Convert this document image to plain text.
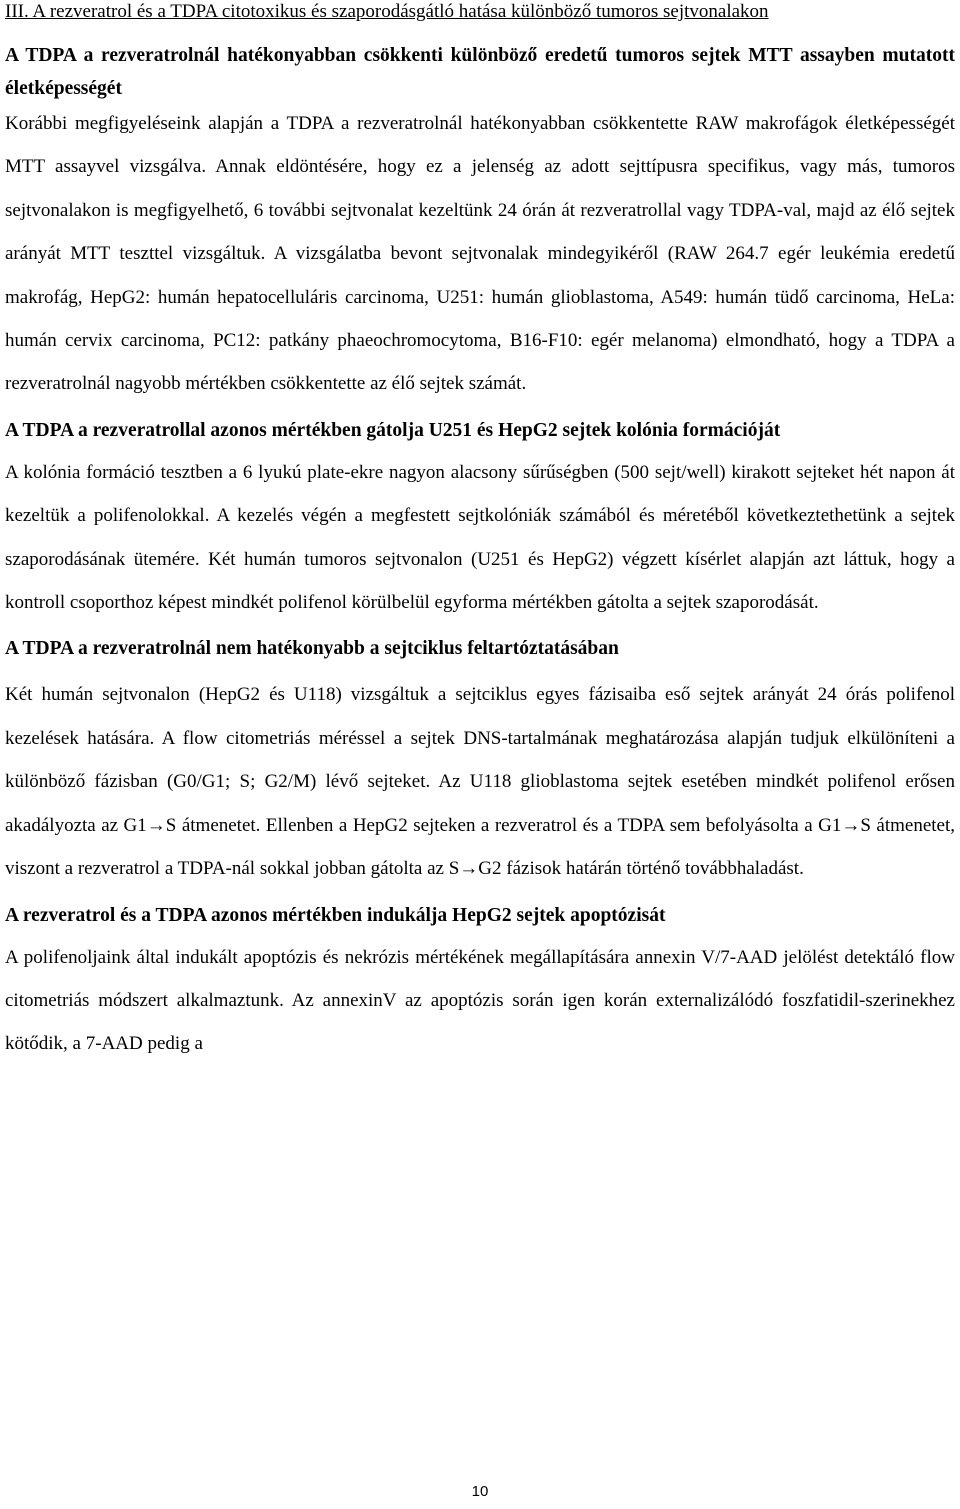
III. A rezveratrol és a TDPA citotoxikus és szaporodásgátló hatása különböző tumoros sejtvonalakon

A TDPA a rezveratrolnál hatékonyabban csökkenti különböző eredetű tumoros sejtek MTT assayben mutatott életképességét

Korábbi megfigyeléseink alapján a TDPA a rezveratrolnál hatékonyabban csökkentette RAW makrofágok életképességét MTT assayvel vizsgálva. Annak eldöntésére, hogy ez a jelenség az adott sejttípusra specifikus, vagy más, tumoros sejtvonalakon is megfigyelhető, 6 további sejtvonalat kezeltünk 24 órán át rezveratrollal vagy TDPA-val, majd az élő sejtek arányát MTT teszttel vizsgáltuk. A vizsgálatba bevont sejtvonalak mindegyikéről (RAW 264.7 egér leukémia eredetű makrofág, HepG2: humán hepatocelluláris carcinoma, U251: humán glioblastoma, A549: humán tüdő carcinoma, HeLa: humán cervix carcinoma, PC12: patkány phaeochromocytoma, B16-F10: egér melanoma) elmondható, hogy a TDPA a rezveratrolnál nagyobb mértékben csökkentette az élő sejtek számát.

A TDPA a rezveratrollal azonos mértékben gátolja U251 és HepG2 sejtek kolónia formációját

A kolónia formáció tesztben a 6 lyukú plate-ekre nagyon alacsony sűrűségben (500 sejt/well) kirakott sejteket hét napon át kezeltük a polifenolokkal. A kezelés végén a megfestett sejtkolóniák számából és méretéből következtethetünk a sejtek szaporodásának ütemére. Két humán tumoros sejtvonalon (U251 és HepG2) végzett kísérlet alapján azt láttuk, hogy a kontroll csoporthoz képest mindkét polifenol körülbelül egyforma mértékben gátolta a sejtek szaporodását.

A TDPA a rezveratrolnál nem hatékonyabb a sejtciklus feltartóztatásában

Két humán sejtvonalon (HepG2 és U118) vizsgáltuk a sejtciklus egyes fázisaiba eső sejtek arányát 24 órás polifenol kezelések hatására. A flow citometriás méréssel a sejtek DNS-tartalmának meghatározása alapján tudjuk elkülöníteni a különböző fázisban (G0/G1; S; G2/M) lévő sejteket. Az U118 glioblastoma sejtek esetében mindkét polifenol erősen akadályozta az G1→S átmenetet. Ellenben a HepG2 sejteken a rezveratrol és a TDPA sem befolyásolta a G1→S átmenetet, viszont a rezveratrol a TDPA-nál sokkal jobban gátolta az S→G2 fázisok határán történő továbbhaladást.

A rezveratrol és a TDPA azonos mértékben indukálja HepG2 sejtek apoptózisát

A polifenoljaink által indukált apoptózis és nekrózis mértékének megállapítására annexin V/7-AAD jelölést detektáló flow citometriás módszert alkalmaztunk. Az annexinV az apoptózis során igen korán externalizálódó foszfatidil-szerinekhez kötődik, a 7-AAD pedig a

10
